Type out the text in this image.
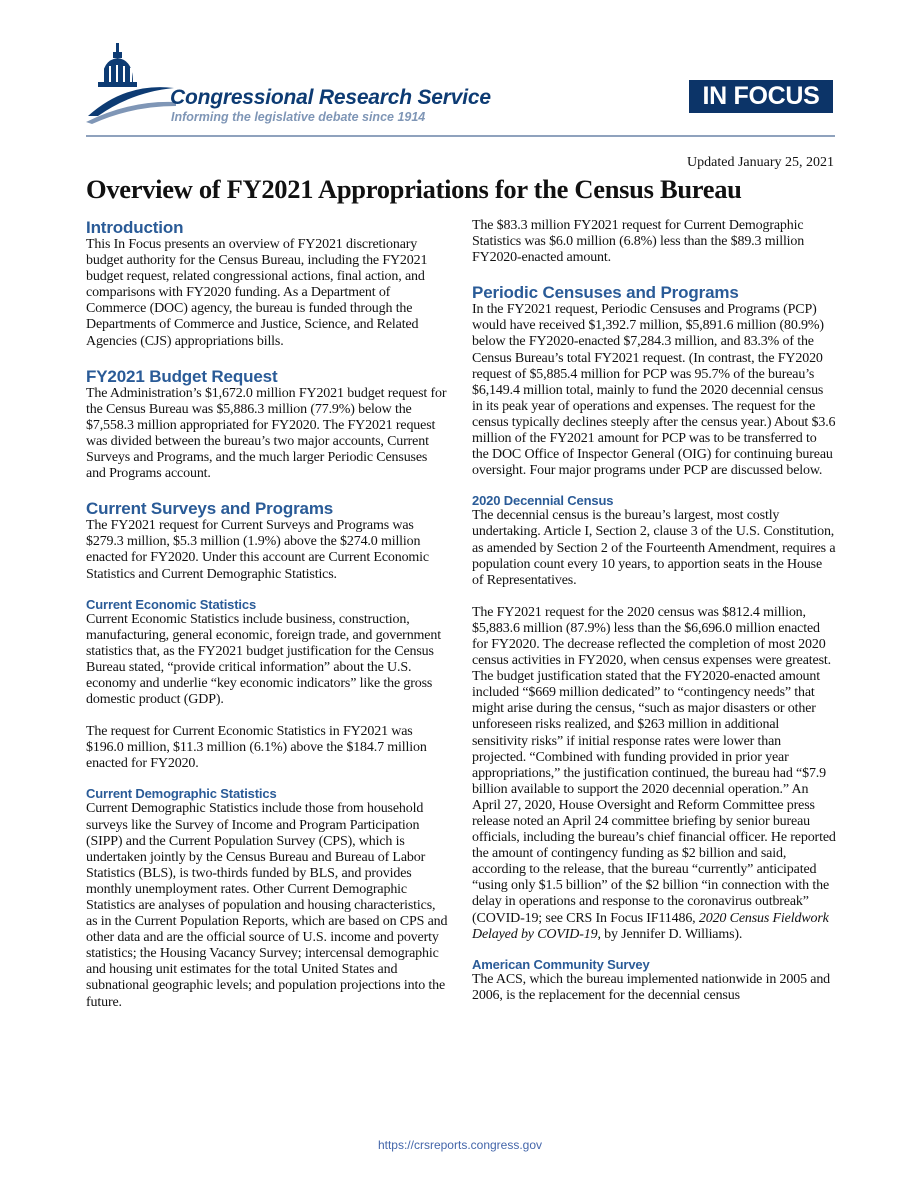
Congressional Research Service
Informing the legislative debate since 1914
IN FOCUS
Updated January 25, 2021
Overview of FY2021 Appropriations for the Census Bureau
Introduction

This In Focus presents an overview of FY2021 discretionary budget authority for the Census Bureau, including the FY2021 budget request, related congressional actions, final action, and comparisons with FY2020 funding. As a Department of Commerce (DOC) agency, the bureau is funded through the Departments of Commerce and Justice, Science, and Related Agencies (CJS) appropriations bills.

FY2021 Budget Request

The Administration’s $1,672.0 million FY2021 budget request for the Census Bureau was $5,886.3 million (77.9%) below the $7,558.3 million appropriated for FY2020. The FY2021 request was divided between the bureau’s two major accounts, Current Surveys and Programs, and the much larger Periodic Censuses and Programs account.

Current Surveys and Programs

The FY2021 request for Current Surveys and Programs was $279.3 million, $5.3 million (1.9%) above the $274.0 million enacted for FY2020. Under this account are Current Economic Statistics and Current Demographic Statistics.

Current Economic Statistics

Current Economic Statistics include business, construction, manufacturing, general economic, foreign trade, and government statistics that, as the FY2021 budget justification for the Census Bureau stated, “provide critical information” about the U.S. economy and underlie “key economic indicators” like the gross domestic product (GDP).

The request for Current Economic Statistics in FY2021 was $196.0 million, $11.3 million (6.1%) above the $184.7 million enacted for FY2020.

Current Demographic Statistics

Current Demographic Statistics include those from household surveys like the Survey of Income and Program Participation (SIPP) and the Current Population Survey (CPS), which is undertaken jointly by the Census Bureau and Bureau of Labor Statistics (BLS), is two-thirds funded by BLS, and provides monthly unemployment rates. Other Current Demographic Statistics are analyses of population and housing characteristics, as in the Current Population Reports, which are based on CPS and other data and are the official source of U.S. income and poverty statistics; the Housing Vacancy Survey; intercensal demographic and housing unit estimates for the total United States and subnational geographic levels; and population projections into the future.

The $83.3 million FY2021 request for Current Demographic Statistics was $6.0 million (6.8%) less than the $89.3 million FY2020-enacted amount.

Periodic Censuses and Programs

In the FY2021 request, Periodic Censuses and Programs (PCP) would have received $1,392.7 million, $5,891.6 million (80.9%) below the FY2020-enacted $7,284.3 million, and 83.3% of the Census Bureau’s total FY2021 request. (In contrast, the FY2020 request of $5,885.4 million for PCP was 95.7% of the bureau’s $6,149.4 million total, mainly to fund the 2020 decennial census in its peak year of operations and expenses. The request for the census typically declines steeply after the census year.) About $3.6 million of the FY2021 amount for PCP was to be transferred to the DOC Office of Inspector General (OIG) for continuing bureau oversight. Four major programs under PCP are discussed below.

2020 Decennial Census

The decennial census is the bureau’s largest, most costly undertaking. Article I, Section 2, clause 3 of the U.S. Constitution, as amended by Section 2 of the Fourteenth Amendment, requires a population count every 10 years, to apportion seats in the House of Representatives.

The FY2021 request for the 2020 census was $812.4 million, $5,883.6 million (87.9%) less than the $6,696.0 million enacted for FY2020. The decrease reflected the completion of most 2020 census activities in FY2020, when census expenses were greatest. The budget justification stated that the FY2020-enacted amount included “$669 million dedicated” to “contingency needs” that might arise during the census, “such as major disasters or other unforeseen risks realized, and $263 million in additional sensitivity risks” if initial response rates were lower than projected. “Combined with funding provided in prior year appropriations,” the justification continued, the bureau had “$7.9 billion available to support the 2020 decennial operation.” An April 27, 2020, House Oversight and Reform Committee press release noted an April 24 committee briefing by senior bureau officials, including the bureau’s chief financial officer. He reported the amount of contingency funding as $2 billion and said, according to the release, that the bureau “currently” anticipated “using only $1.5 billion” of the $2 billion “in connection with the delay in operations and response to the coronavirus outbreak” (COVID-19; see CRS In Focus IF11486, 2020 Census Fieldwork Delayed by COVID-19, by Jennifer D. Williams).

American Community Survey

The ACS, which the bureau implemented nationwide in 2005 and 2006, is the replacement for the decennial census

https://crsreports.congress.gov
